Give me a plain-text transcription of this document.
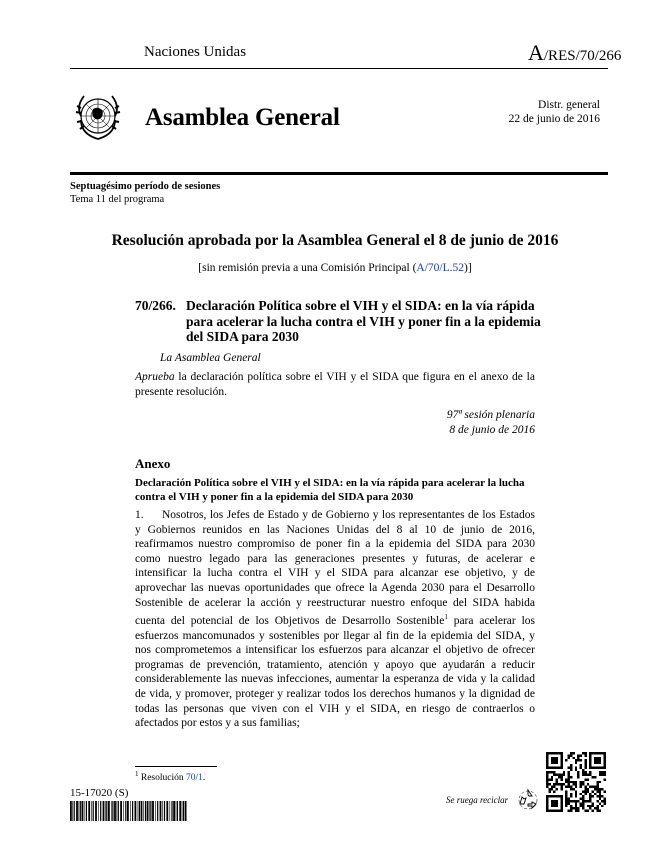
Naciones Unidas	A/RES/70/266
Asamblea General	Distr. general
22 de junio de 2016
Septuagésimo período de sesiones
Tema 11 del programa
Resolución aprobada por la Asamblea General el 8 de junio de 2016
[sin remisión previa a una Comisión Principal (A/70/L.52)]
70/266. Declaración Política sobre el VIH y el SIDA: en la vía rápida para acelerar la lucha contra el VIH y poner fin a la epidemia del SIDA para 2030
La Asamblea General
Aprueba la declaración política sobre el VIH y el SIDA que figura en el anexo de la presente resolución.
97ª sesión plenaria
8 de junio de 2016
Anexo
Declaración Política sobre el VIH y el SIDA: en la vía rápida para acelerar la lucha contra el VIH y poner fin a la epidemia del SIDA para 2030
1. Nosotros, los Jefes de Estado y de Gobierno y los representantes de los Estados y Gobiernos reunidos en las Naciones Unidas del 8 al 10 de junio de 2016, reafirmamos nuestro compromiso de poner fin a la epidemia del SIDA para 2030 como nuestro legado para las generaciones presentes y futuras, de acelerar e intensificar la lucha contra el VIH y el SIDA para alcanzar ese objetivo, y de aprovechar las nuevas oportunidades que ofrece la Agenda 2030 para el Desarrollo Sostenible de acelerar la acción y reestructurar nuestro enfoque del SIDA habida cuenta del potencial de los Objetivos de Desarrollo Sostenible$^1$ para acelerar los esfuerzos mancomunados y sostenibles por llegar al fin de la epidemia del SIDA, y nos comprometemos a intensificar los esfuerzos para alcanzar el objetivo de ofrecer programas de prevención, tratamiento, atención y apoyo que ayudarán a reducir considerablemente las nuevas infecciones, aumentar la esperanza de vida y la calidad de vida, y promover, proteger y realizar todos los derechos humanos y la dignidad de todas las personas que viven con el VIH y el SIDA, en riesgo de contraerlos o afectados por estos y a sus familias;
$^1$ Resolución 70/1.
15-17020 (S)
Se ruega reciclar
